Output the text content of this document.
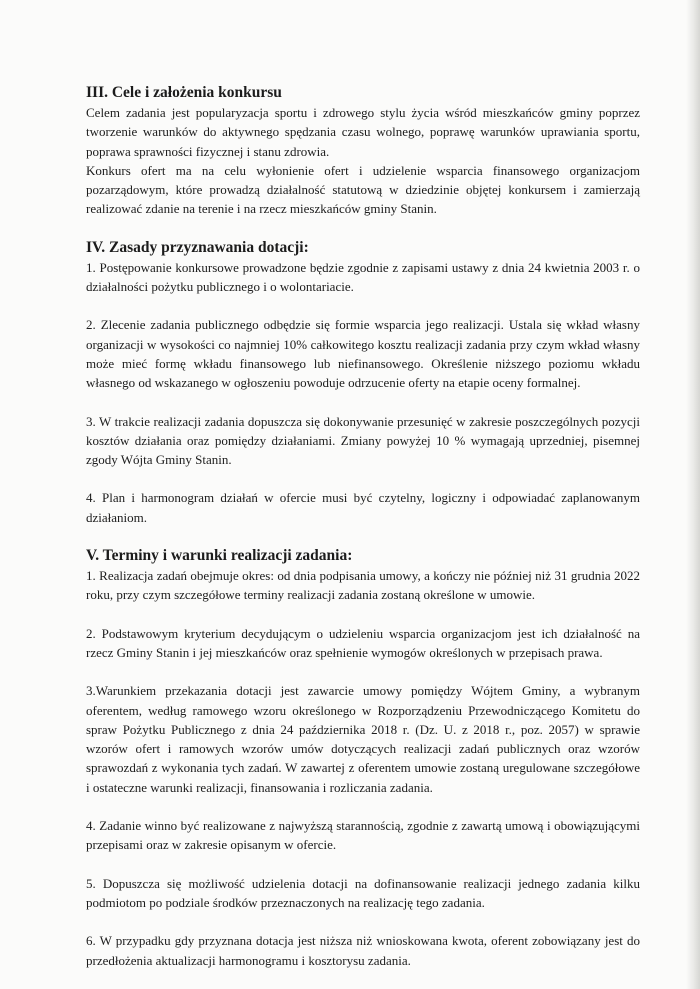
III. Cele i założenia konkursu

Celem zadania jest popularyzacja sportu i zdrowego stylu życia wśród mieszkańców gminy poprzez tworzenie warunków do aktywnego spędzania czasu wolnego, poprawę warunków uprawiania sportu, poprawa sprawności fizycznej i stanu zdrowia.

Konkurs ofert ma na celu wyłonienie ofert i udzielenie wsparcia finansowego organizacjom pozarządowym, które prowadzą działalność statutową w dziedzinie objętej konkursem i zamierzają realizować zdanie na terenie i na rzecz mieszkańców gminy Stanin.

IV. Zasady przyznawania dotacji:

1. Postępowanie konkursowe prowadzone będzie zgodnie z zapisami ustawy z dnia 24 kwietnia 2003 r. o działalności pożytku publicznego i o wolontariacie.

2. Zlecenie zadania publicznego odbędzie się formie wsparcia jego realizacji. Ustala się wkład własny organizacji w wysokości co najmniej 10% całkowitego kosztu realizacji zadania przy czym wkład własny może mieć formę wkładu finansowego lub niefinansowego. Określenie niższego poziomu wkładu własnego od wskazanego w ogłoszeniu powoduje odrzucenie oferty na etapie oceny formalnej.

3. W trakcie realizacji zadania dopuszcza się dokonywanie przesunięć w zakresie poszczególnych pozycji kosztów działania oraz pomiędzy działaniami. Zmiany powyżej 10 % wymagają uprzedniej, pisemnej zgody Wójta Gminy Stanin.

4. Plan i harmonogram działań w ofercie musi być czytelny, logiczny i odpowiadać zaplanowanym działaniom.

V. Terminy i warunki realizacji zadania:

1. Realizacja zadań obejmuje okres: od dnia podpisania umowy, a kończy nie później niż 31 grudnia 2022 roku, przy czym szczegółowe terminy realizacji zadania zostaną określone w umowie.

2. Podstawowym kryterium decydującym o udzieleniu wsparcia organizacjom jest ich działalność na rzecz Gminy Stanin i jej mieszkańców oraz spełnienie wymogów określonych w przepisach prawa.

3.Warunkiem przekazania dotacji jest zawarcie umowy pomiędzy Wójtem Gminy, a wybranym oferentem, według ramowego wzoru określonego w Rozporządzeniu Przewodniczącego Komitetu do spraw Pożytku Publicznego z dnia 24 października 2018 r. (Dz. U. z 2018 r., poz. 2057) w sprawie wzorów ofert i ramowych wzorów umów dotyczących realizacji zadań publicznych oraz wzorów sprawozdań z wykonania tych zadań. W zawartej z oferentem umowie zostaną uregulowane szczegółowe i ostateczne warunki realizacji, finansowania i rozliczania zadania.

4. Zadanie winno być realizowane z najwyższą starannością, zgodnie z zawartą umową i obowiązującymi przepisami oraz w zakresie opisanym w ofercie.

5. Dopuszcza się możliwość udzielenia dotacji na dofinansowanie realizacji jednego zadania kilku podmiotom po podziale środków przeznaczonych na realizację tego zadania.

6. W przypadku gdy przyznana dotacja jest niższa niż wnioskowana kwota, oferent zobowiązany jest do przedłożenia aktualizacji harmonogramu i kosztorysu zadania.
